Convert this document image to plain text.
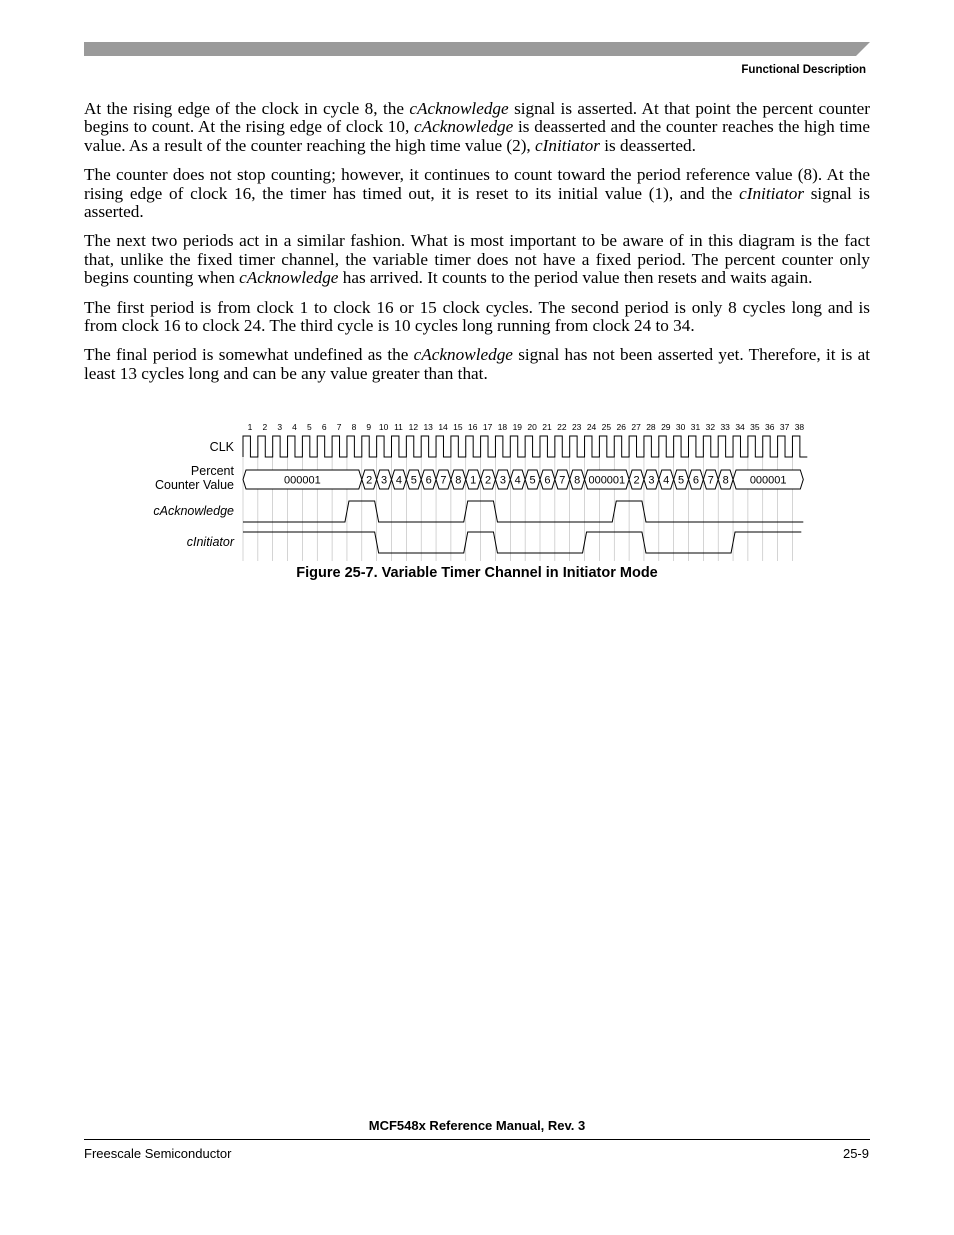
Functional Description

At the rising edge of the clock in cycle 8, the cAcknowledge signal is asserted. At that point the percent counter begins to count. At the rising edge of clock 10, cAcknowledge is deasserted and the counter reaches the high time value. As a result of the counter reaching the high time value (2), cInitiator is deasserted.

The counter does not stop counting; however, it continues to count toward the period reference value (8). At the rising edge of clock 16, the timer has timed out, it is reset to its initial value (1), and the cInitiator signal is asserted.

The next two periods act in a similar fashion. What is most important to be aware of in this diagram is the fact that, unlike the fixed timer channel, the variable timer does not have a fixed period. The percent counter only begins counting when cAcknowledge has arrived. It counts to the period value then resets and waits again.

The first period is from clock 1 to clock 16 or 15 clock cycles. The second period is only 8 cycles long and is from clock 16 to clock 24. The third cycle is 10 cycles long running from clock 24 to 34.

The final period is somewhat undefined as the cAcknowledge signal has not been asserted yet. Therefore, it is at least 13 cycles long and can be any value greater than that.

1 2 3 4 5 6 7 8 9 10 11 12 13 14 15 16 17 18 19 20 21 22 23 24 25 26 27 28 29 30 31 32 33 34 35 36 37 38
CLK
Percent
Counter Value
cAcknowledge
cInitiator
000001	2 3 4 5 6 7 8 1 2 3 4 5 6 7 8 000001 2 3 4 5 6 7 8 000001
Figure 25-7. Variable Timer Channel in Initiator Mode
MCF548x Reference Manual, Rev. 3
Freescale Semiconductor	25-9
